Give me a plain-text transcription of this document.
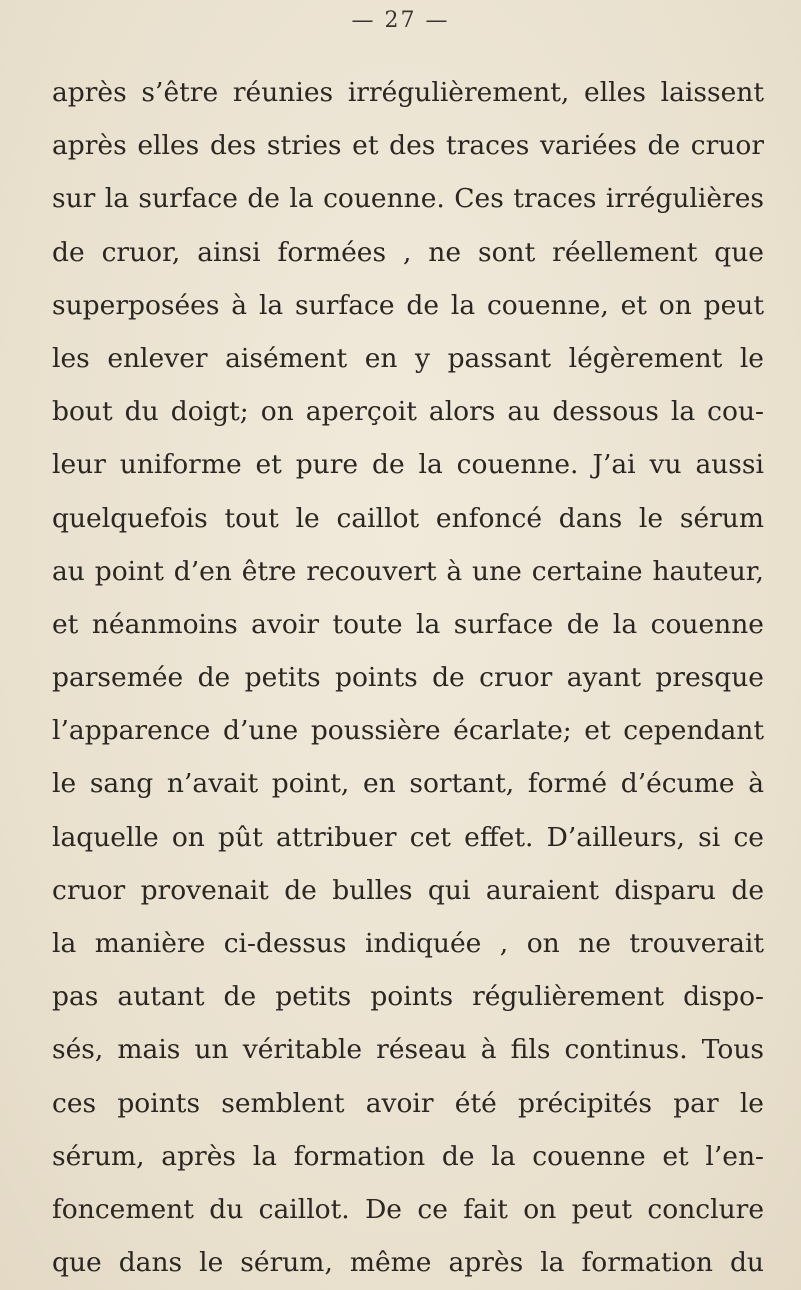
— 27 —
après s’être réunies irrégulièrement, elles laissent
après elles des stries et des traces variées de cruor
sur la surface de la couenne. Ces traces irrégulières
de cruor, ainsi formées , ne sont réellement que
superposées à la surface de la couenne, et on peut
les enlever aisément en y passant légèrement le
bout du doigt; on aperçoit alors au dessous la cou-
leur uniforme et pure de la couenne. J’ai vu aussi
quelquefois tout le caillot enfoncé dans le sérum
au point d’en être recouvert à une certaine hauteur,
et néanmoins avoir toute la surface de la couenne
parsemée de petits points de cruor ayant presque
l’apparence d’une poussière écarlate; et cependant
le sang n’avait point, en sortant, formé d’écume à
laquelle on pût attribuer cet effet. D’ailleurs, si ce
cruor provenait de bulles qui auraient disparu de
la manière ci-dessus indiquée , on ne trouverait
pas autant de petits points régulièrement dispo-
sés, mais un véritable réseau à fils continus. Tous
ces points semblent avoir été précipités par le
sérum, après la formation de la couenne et l’en-
foncement du caillot. De ce fait on peut conclure
que dans le sérum, même après la formation du
